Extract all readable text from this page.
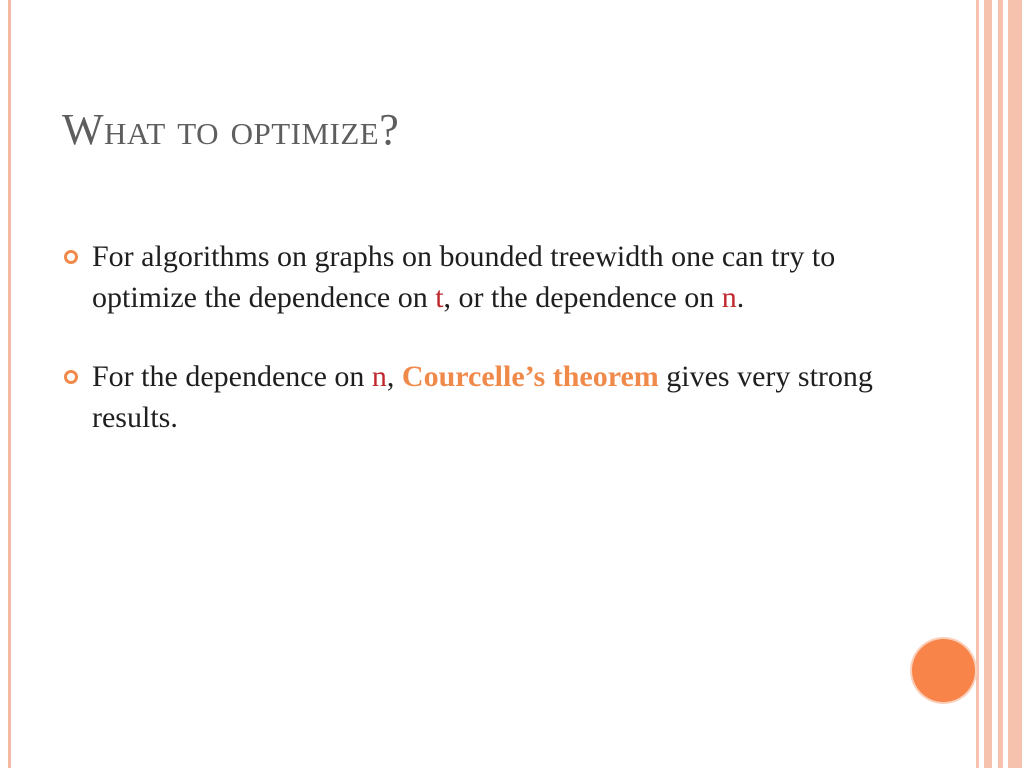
What to optimize?
For algorithms on graphs on bounded treewidth one can try to optimize the dependence on t, or the dependence on n.
For the dependence on n, Courcelle’s theorem gives very strong results.
